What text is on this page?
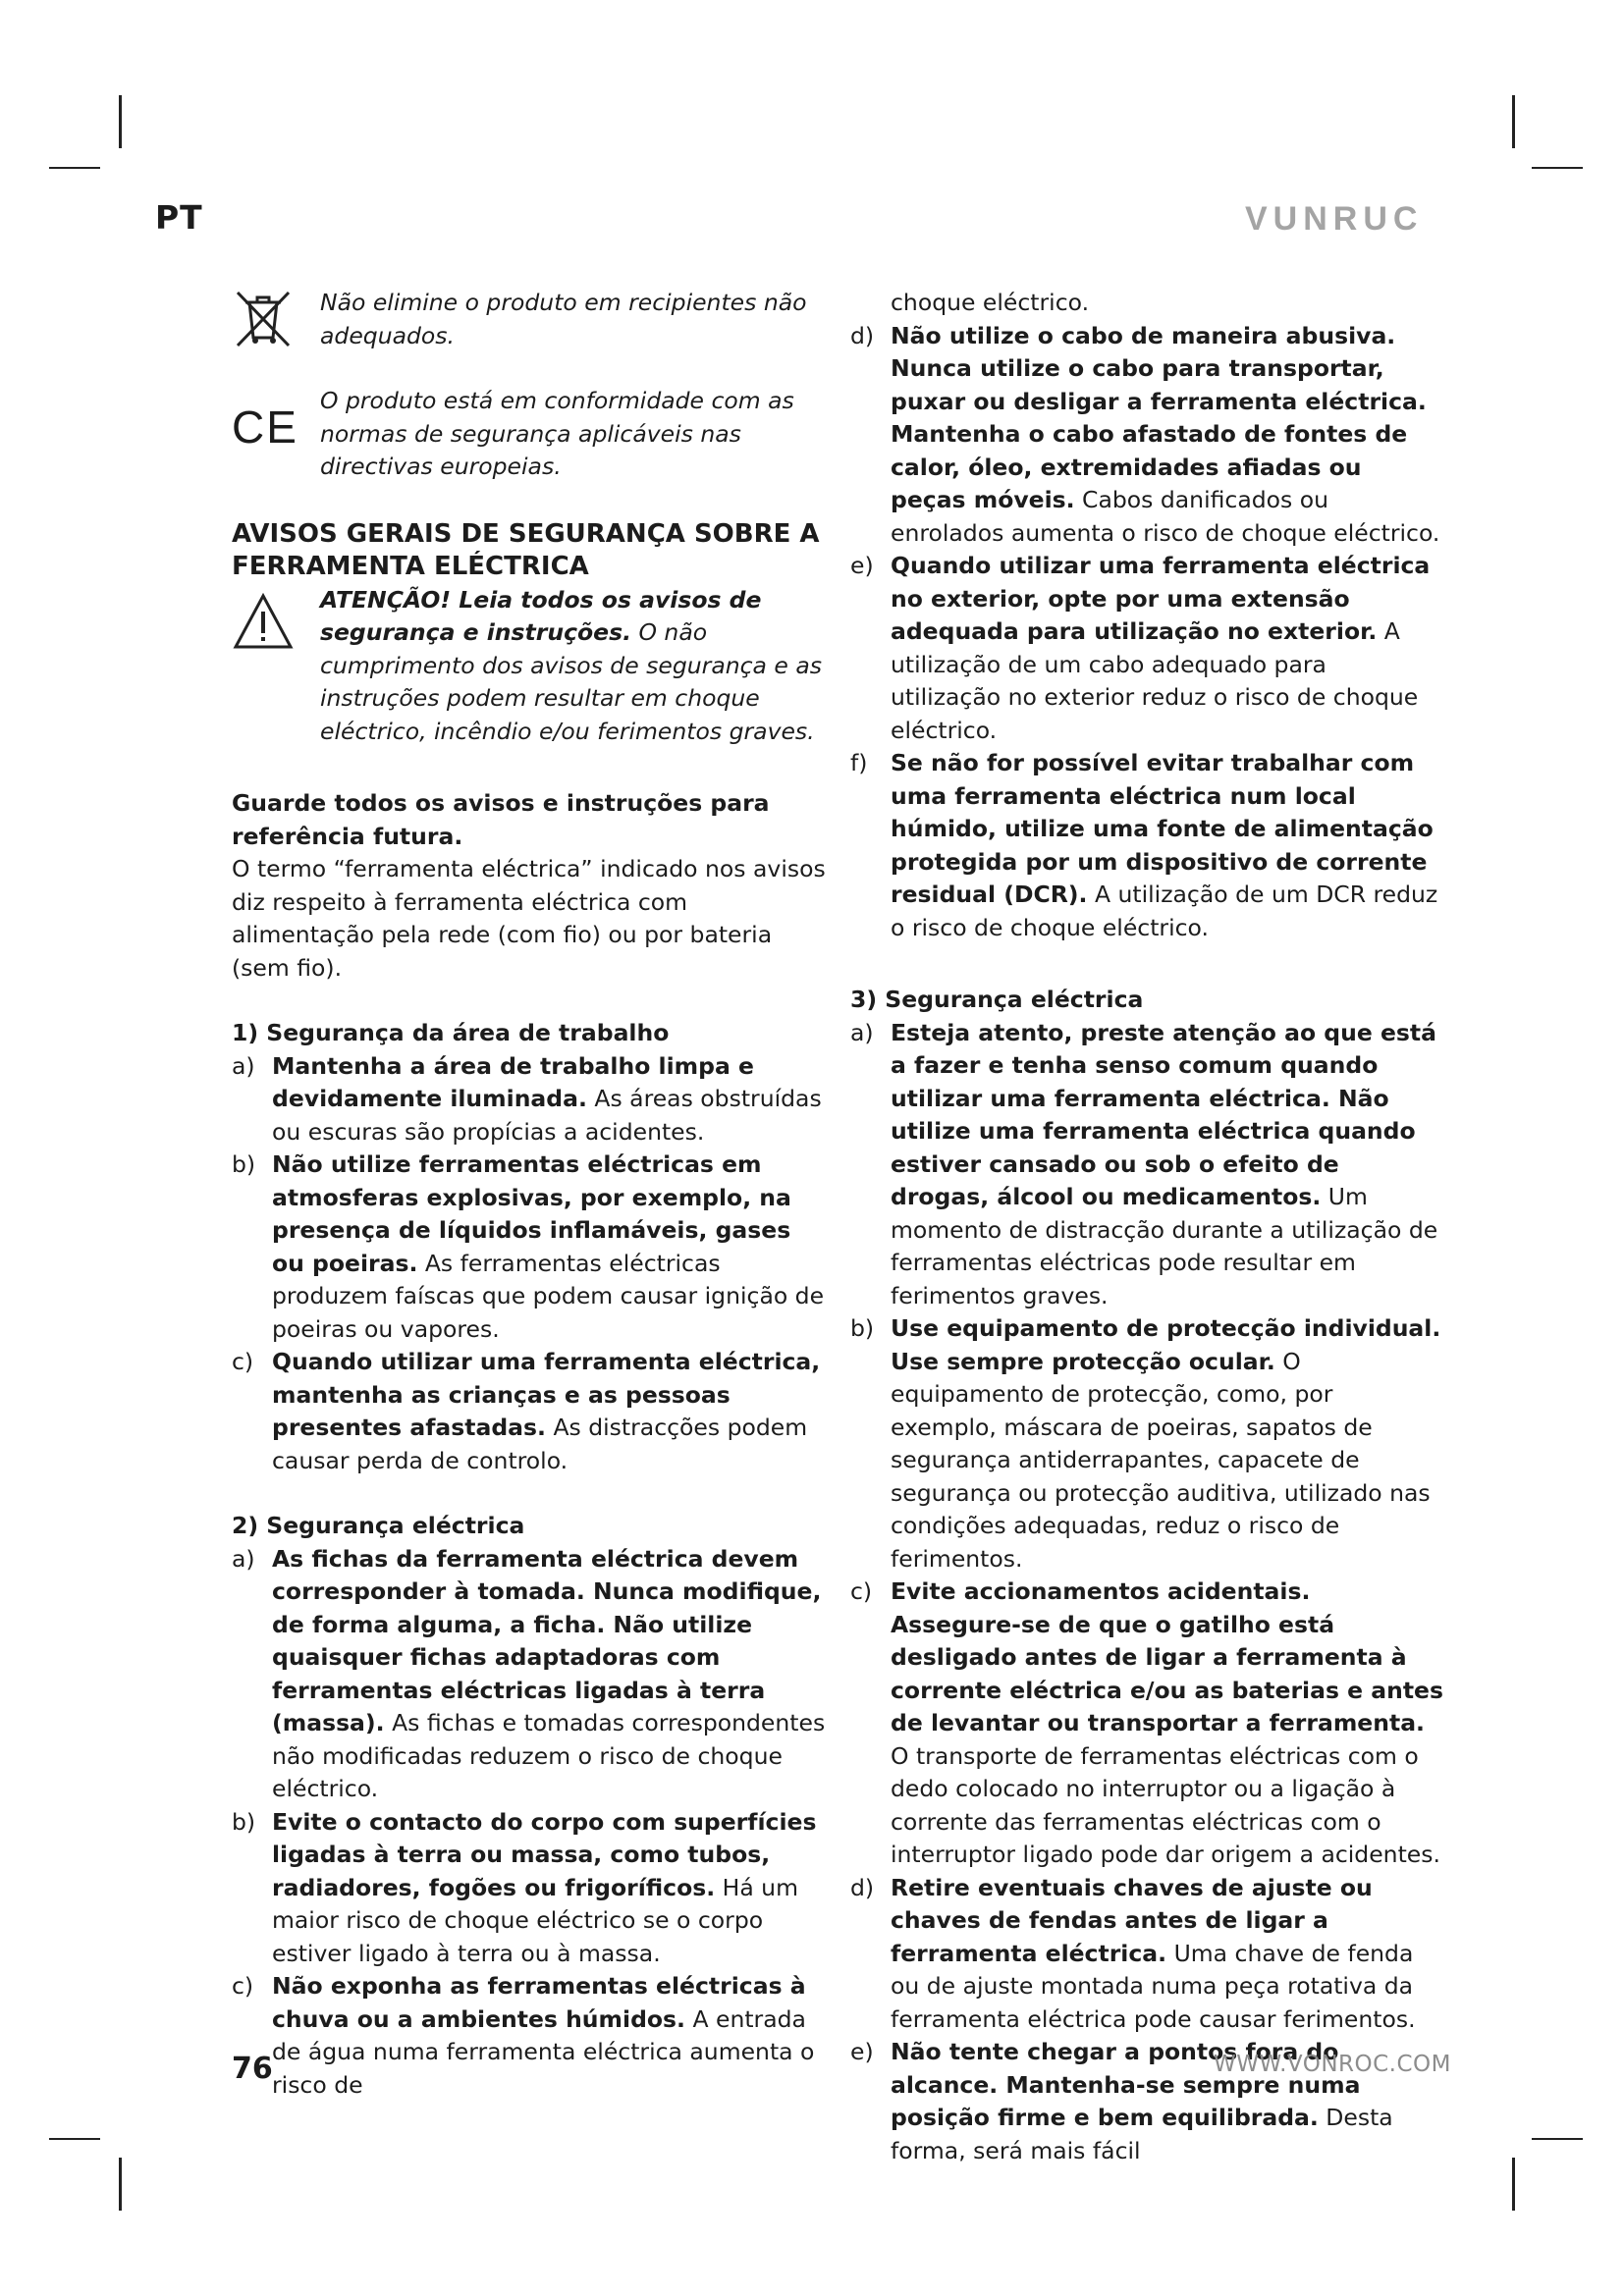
PT	VUNRUC

Não elimine o produto em recipientes não adequados.

CE

O produto está em conformidade com as normas de segurança aplicáveis nas directivas europeias.

AVISOS GERAIS DE SEGURANÇA SOBRE A FERRAMENTA ELÉCTRICA

ATENÇÃO! Leia todos os avisos de segurança e instruções. O não cumprimento dos avisos de segurança e as instruções podem resultar em choque eléctrico, incêndio e/ou ferimentos graves.

Guarde todos os avisos e instruções para referência futura.

O termo “ferramenta eléctrica” indicado nos avisos diz respeito à ferramenta eléctrica com alimentação pela rede (com fio) ou por bateria (sem fio).

1) Segurança da área de trabalho

a) Mantenha a área de trabalho limpa e devidamente iluminada. As áreas obstruídas ou escuras são propícias a acidentes.
b) Não utilize ferramentas eléctricas em atmosferas explosivas, por exemplo, na presença de líquidos inflamáveis, gases ou poeiras. As ferramentas eléctricas produzem faíscas que podem causar ignição de poeiras ou vapores.
c) Quando utilizar uma ferramenta eléctrica, mantenha as crianças e as pessoas presentes afastadas. As distracções podem causar perda de controlo.

2) Segurança eléctrica

a) As fichas da ferramenta eléctrica devem corresponder à tomada. Nunca modifique, de forma alguma, a ficha. Não utilize quaisquer fichas adaptadoras com ferramentas eléctricas ligadas à terra (massa). As fichas e tomadas correspondentes não modificadas reduzem o risco de choque eléctrico.
b) Evite o contacto do corpo com superfícies ligadas à terra ou massa, como tubos, radiadores, fogões ou frigoríficos. Há um maior risco de choque eléctrico se o corpo estiver ligado à terra ou à massa.
c) Não exponha as ferramentas eléctricas à chuva ou a ambientes húmidos. A entrada de água numa ferramenta eléctrica aumenta o risco de
choque eléctrico.
d) Não utilize o cabo de maneira abusiva. Nunca utilize o cabo para transportar, puxar ou desligar a ferramenta eléctrica. Mantenha o cabo afastado de fontes de calor, óleo, extremidades afiadas ou peças móveis. Cabos danificados ou enrolados aumenta o risco de choque eléctrico.
e) Quando utilizar uma ferramenta eléctrica no exterior, opte por uma extensão adequada para utilização no exterior. A utilização de um cabo adequado para utilização no exterior reduz o risco de choque eléctrico.
f) Se não for possível evitar trabalhar com uma ferramenta eléctrica num local húmido, utilize uma fonte de alimentação protegida por um dispositivo de corrente residual (DCR). A utilização de um DCR reduz o risco de choque eléctrico.

3) Segurança eléctrica

a) Esteja atento, preste atenção ao que está a fazer e tenha senso comum quando utilizar uma ferramenta eléctrica. Não utilize uma ferramenta eléctrica quando estiver cansado ou sob o efeito de drogas, álcool ou medicamentos. Um momento de distracção durante a utilização de ferramentas eléctricas pode resultar em ferimentos graves.
b) Use equipamento de protecção individual. Use sempre protecção ocular. O equipamento de protecção, como, por exemplo, máscara de poeiras, sapatos de segurança antiderrapantes, capacete de segurança ou protecção auditiva, utilizado nas condições adequadas, reduz o risco de ferimentos.
c) Evite accionamentos acidentais. Assegure-se de que o gatilho está desligado antes de ligar a ferramenta à corrente eléctrica e/ou as baterias e antes de levantar ou transportar a ferramenta. O transporte de ferramentas eléctricas com o dedo colocado no interruptor ou a ligação à corrente das ferramentas eléctricas com o interruptor ligado pode dar origem a acidentes.
d) Retire eventuais chaves de ajuste ou chaves de fendas antes de ligar a ferramenta eléctrica. Uma chave de fenda ou de ajuste montada numa peça rotativa da ferramenta eléctrica pode causar ferimentos.
e) Não tente chegar a pontos fora do alcance. Mantenha-se sempre numa posição firme e bem equilibrada. Desta forma, será mais fácil
76	WWW.VONROC.COM
